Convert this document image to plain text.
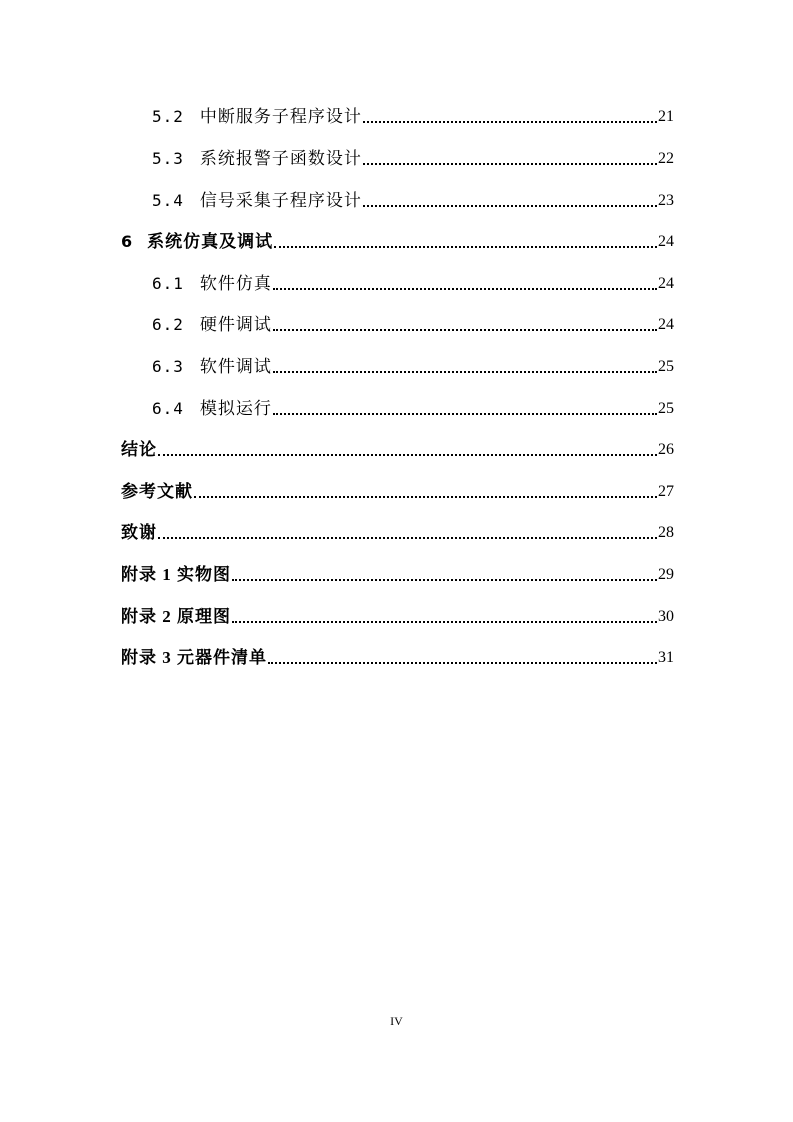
5.2 中断服务子程序设计	21
5.3 系统报警子函数设计	22
5.4 信号采集子程序设计	23
6 系统仿真及调试	24
6.1 软件仿真	24
6.2 硬件调试	24
6.3 软件调试	25
6.4 模拟运行	25
结论	26
参考文献	27
致谢	28
附录 1 实物图	29
附录 2 原理图	30
附录 3 元器件清单	31
IV
